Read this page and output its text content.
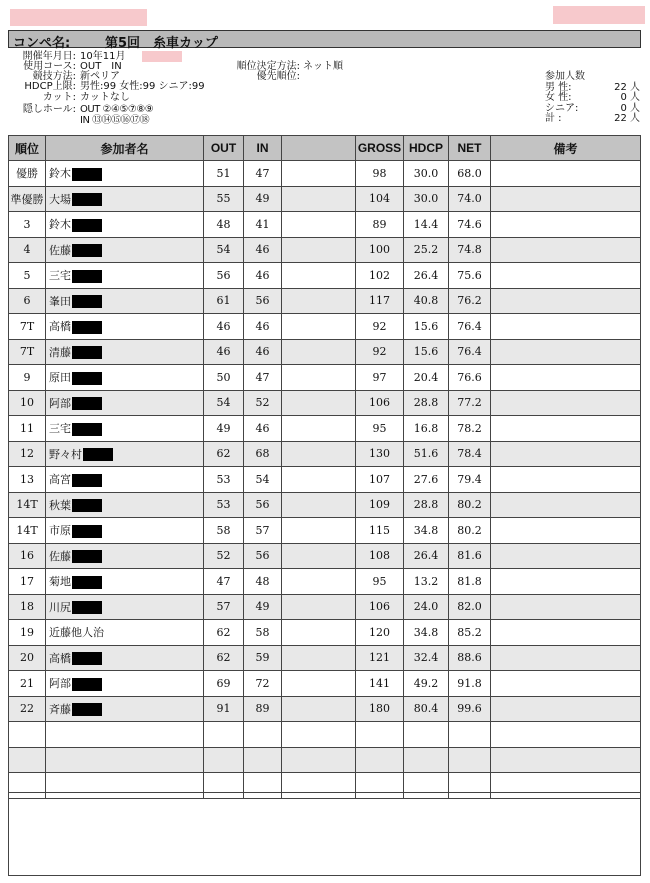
コンペ名:	第5回　糸車カップ
開催年月日: 10年11月
使用コース: OUT　IN
競技方法: 新ペリア
HDCP上限: 男性:99 女性:99 シニア:99
カット: カットなし
隠しホール: OUT ②④⑤⑦⑧⑨
IN ⑬⑭⑮⑯⑰⑱
順位決定方法: ネット順
優先順位:	参加人数
男 性:	22 人
女 性:	0 人
シニア:	0 人
計 :	22 人
順位	参加者名	OUT	IN		GROSS	HDCP	NET	備考
優勝	鈴木	51	47		98	30.0	68.0	
準優勝	大場	55	49		104	30.0	74.0	
3	鈴木	48	41		89	14.4	74.6	
4	佐藤	54	46		100	25.2	74.8	
5	三宅	56	46		102	26.4	75.6	
6	峯田	61	56		117	40.8	76.2	
7T	高橋	46	46		92	15.6	76.4	
7T	清藤	46	46		92	15.6	76.4	
9	原田	50	47		97	20.4	76.6	
10	阿部	54	52		106	28.8	77.2	
11	三宅	49	46		95	16.8	78.2	
12	野々村	62	68		130	51.6	78.4	
13	高宮	53	54		107	27.6	79.4	
14T	秋葉	53	56		109	28.8	80.2	
14T	市原	58	57		115	34.8	80.2	
16	佐藤	52	56		108	26.4	81.6	
17	菊地	47	48		95	13.2	81.8	
18	川尻	57	49		106	24.0	82.0	
19	近藤他人治	62	58		120	34.8	85.2	
20	高橋	62	59		121	32.4	88.6	
21	阿部	69	72		141	49.2	91.8	
22	斉藤	91	89		180	80.4	99.6	
